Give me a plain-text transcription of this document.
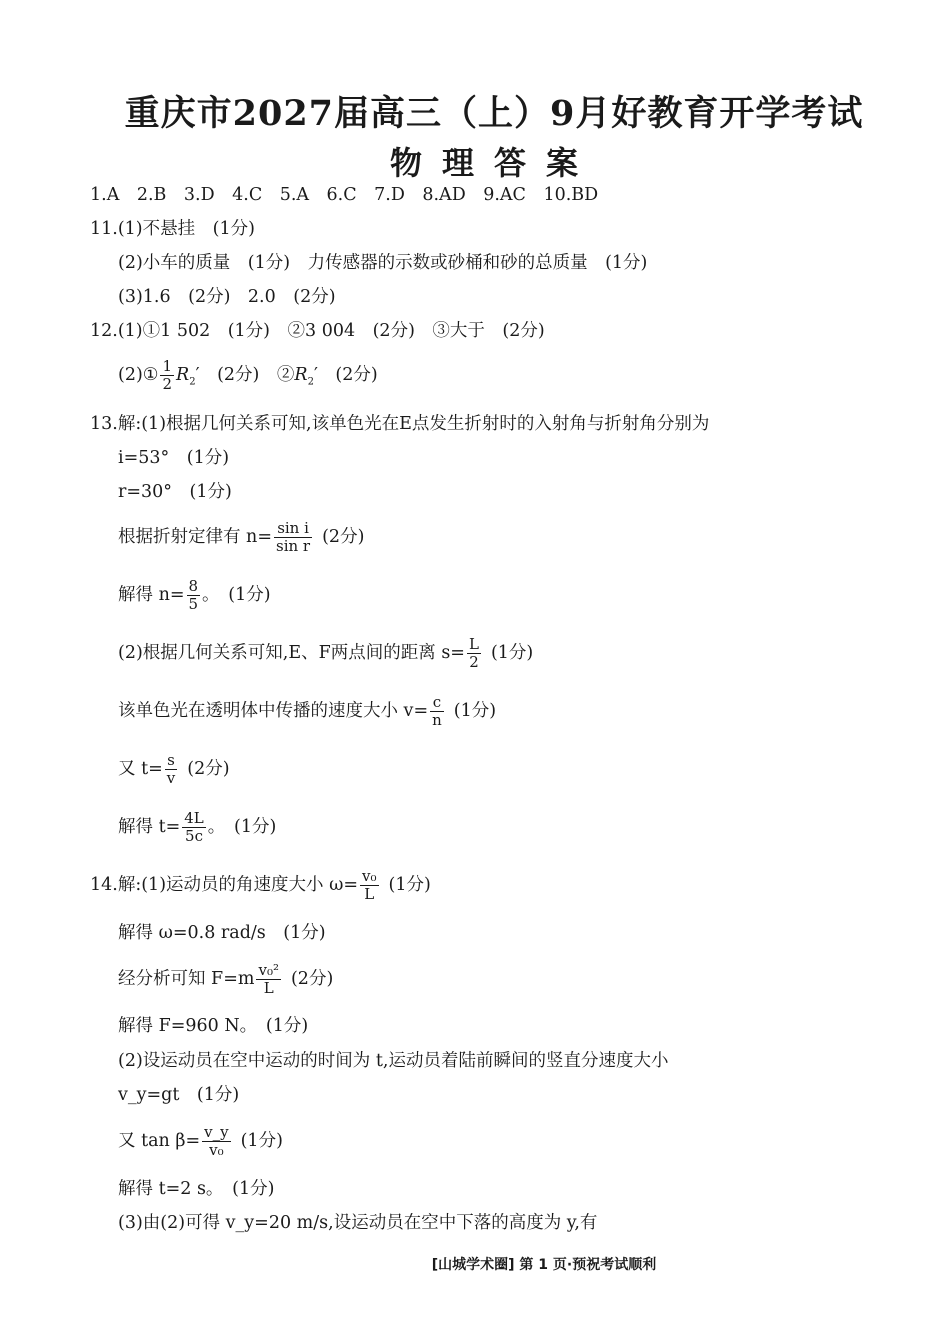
重庆市2027届高三（上）9月好教育开学考试
物理答案
1.A　2.B　3.D　4.C　5.A　6.C　7.D　8.AD　9.AC　10.BD
11.(1)不悬挂　(1分)
(2)小车的质量　(1分)　力传感器的示数或砂桶和砂的总质量　(1分)
(3)1.6　(2分)　2.0　(2分)
12.(1)①1 502　(1分)　②3 004　(2分)　③大于　(2分)
(2)① $\frac{1}{2} R_2'$　(2分)　$②R_2'$　(2分)
13.解:(1)根据几何关系可知,该单色光在E点发生折射时的入射角与折射角分别为
i=53°　(1分)
r=30°　(1分)
根据折射定律有 $n= \frac{\text{sin i}}{\text{sin r}} (2$分)
解得 $n= \frac{8}{5}$ 。　(1分)
(2)根据几何关系可知,E、F两点间的距离 $s= \frac{L}{2} (1$分)
该单色光在透明体中传播的速度大小 $v= \frac{c}{n} (1$分)
又 $t= \frac{s}{v} (2$分)
解得 $t= \frac{4L}{5c}$ 。　(1分)
14.解:(1)运动员的角速度大小 $\omega= \frac{\text{v₀}}{L} (1$分)
解得 ω=0.8 rad/s　(1分)
经分析可知 $F=m \frac{\text{v₀²}}{L} (2$分)
解得 F=960 N。　(1分)
(2)设运动员在空中运动的时间为 t,运动员着陆前瞬间的竖直分速度大小
v_y=gt　(1分)
又 $\tan \beta= \frac{v\_y}{\text{v₀}} (1$分)
解得 t=2 s。　(1分)
(3)由(2)可得 v_y=20 m/s,设运动员在空中下落的高度为 y,有
[山城学术圈] 第 1 页·预祝考试顺利
